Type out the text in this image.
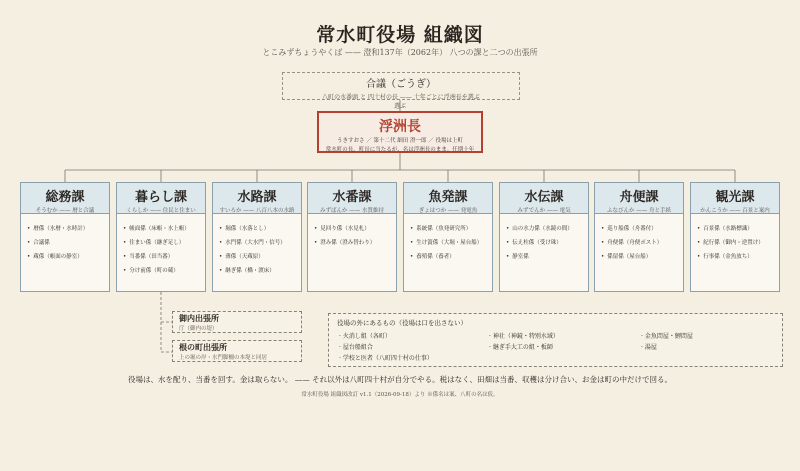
常水町役場 組織図
とこみずちょうやくば —— 澄和137年（2062年） 八つの課と二つの出張所
合議（ごうぎ）
八町の水番頭 と 四十村の長 —— 十年ごとに浮洲長を選ぶ
選ぶ
浮洲長
うきすおさ ／ 第十二代 細田 澄一郎 ／ 役場は上町
常水町の長。町長に当たるが、名は浮洲長のまま。任期十年
総務課
そうむか —— 暦と合議
• 暦係（水暦・水時計）
• 合議係
• 蔵係（帳面の静室）
暮らし課
くらしか —— 住民と住まい
• 帳面係（床帳・水上帳）
• 住まい係（継ぎ足し）
• 当番係（田当番）
• 分け前係（町の蔵）
水路課
すいろか —— 八百八本の水路
• 堀係（水落とし）
• 水門係（大水門・信号）
• 薄係（天蔵原）
• 継ぎ係（橋・渡床）
水番課
みずばんか —— 水質維持
• 見回り係（水見札）
• 澄み係（澄み替わり）
魚発課
ぎょはつか —— 発電魚
• 系統係（魚発研究所）
• 生け簀係（大堀・屋台船）
• 養殖係（養者）
水伝課
みずでんか —— 電気
• 山の水力係（水鏡の間）
• 伝え柱係（受け珠）
• 静室係
舟便課
ふなびんか —— 舟と手紙
• 巡り船係（舟番付）
• 舟便係（舟便ポスト）
• 係留係（屋台船）
観光課
かんこうか —— 百景と案内
• 百景係（水路標識）
• 紀行係（御内・逆置け）
• 行事係（金魚放ち）
御内出張所
庁（御内の堤）
根の町出張所
上の堀の岸・水門脚柵の本堤と同居
役場の外にあるもの（役場は口を出さない）
· 火消し組（各町）	· 神社（神鏡・特別水域）	· 金魚問屋・鯉問屋
· 屋台船組合	· 継ぎ手大工の組・板師	· 湯屋
· 学校と医者（八町四十村の仕事）
役場は、水を配り、当番を回す。金は取らない。 —— それ以外は八町四十村が自分でやる。税はなく、田畑は当番、収穫は分け合い、お金は町の中だけで回る。
常水町役場 組織図改訂 v1.1（2026-09-18）より ※係名は案、八町の名は仮。
